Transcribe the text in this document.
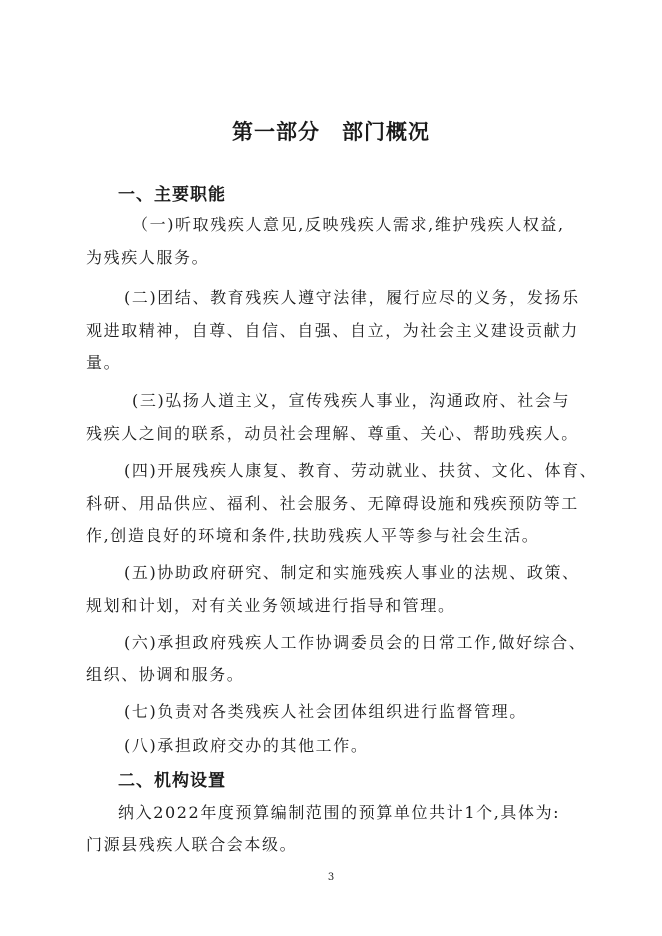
第一部分　部门概况
一、主要职能
（一)听取残疾人意见,反映残疾人需求,维护残疾人权益,
为残疾人服务。
(二)团结、教育残疾人遵守法律，履行应尽的义务，发扬乐
观进取精神，自尊、自信、自强、自立，为社会主义建设贡献力
量。
(三)弘扬人道主义，宣传残疾人事业，沟通政府、社会与
残疾人之间的联系，动员社会理解、尊重、关心、帮助残疾人。
(四)开展残疾人康复、教育、劳动就业、扶贫、文化、体育、
科研、用品供应、福利、社会服务、无障碍设施和残疾预防等工
作,创造良好的环境和条件,扶助残疾人平等参与社会生活。
(五)协助政府研究、制定和实施残疾人事业的法规、政策、
规划和计划，对有关业务领域进行指导和管理。
(六)承担政府残疾人工作协调委员会的日常工作,做好综合、
组织、协调和服务。
(七)负责对各类残疾人社会团体组织进行监督管理。
(八)承担政府交办的其他工作。
二、机构设置
纳入2022年度预算编制范围的预算单位共计1个,具体为:
门源县残疾人联合会本级。
3
